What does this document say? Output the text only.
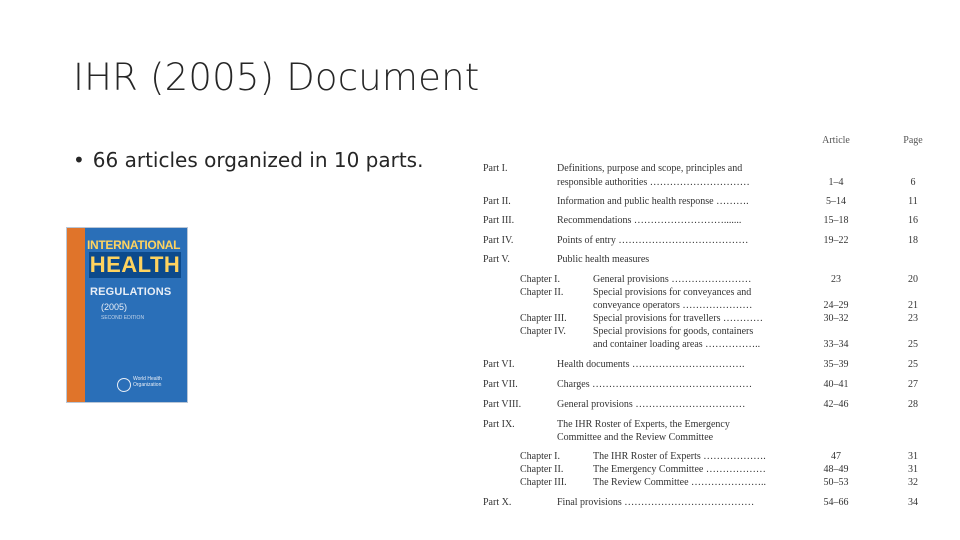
IHR (2005) Document
• 66 articles organized in 10 parts.
INTERNATIONAL
HEALTH
REGULATIONS
(2005)
SECOND EDITION
World Health Organization
Article	Page
Part I.	Definitions, purpose and scope, principles and
responsible authorities …………………………	1–4	6
Part II.	Information and public health response ……….	5–14	11
Part III.	Recommendations ……………………….......	15–18	16
Part IV.	Points of entry …………………………………	19–22	18
Part V.	Public health measures
Chapter I.	General provisions ……………………	23	20
Chapter II.	Special provisions for conveyances and
conveyance operators …………………	24–29	21
Chapter III.	Special provisions for travellers …………	30–32	23
Chapter IV.	Special provisions for goods, containers
and container loading areas ……………..	33–34	25
Part VI.	Health documents …………………………….	35–39	25
Part VII.	Charges …………………………………………	40–41	27
Part VIII.	General provisions ……………………………	42–46	28
Part IX.	The IHR Roster of Experts, the Emergency
Committee and the Review Committee
Chapter I.	The IHR Roster of Experts ……………….	47	31
Chapter II.	The Emergency Committee ………………	48–49	31
Chapter III.	The Review Committee …………………..	50–53	32
Part X.	Final provisions …………………………………	54–66	34
